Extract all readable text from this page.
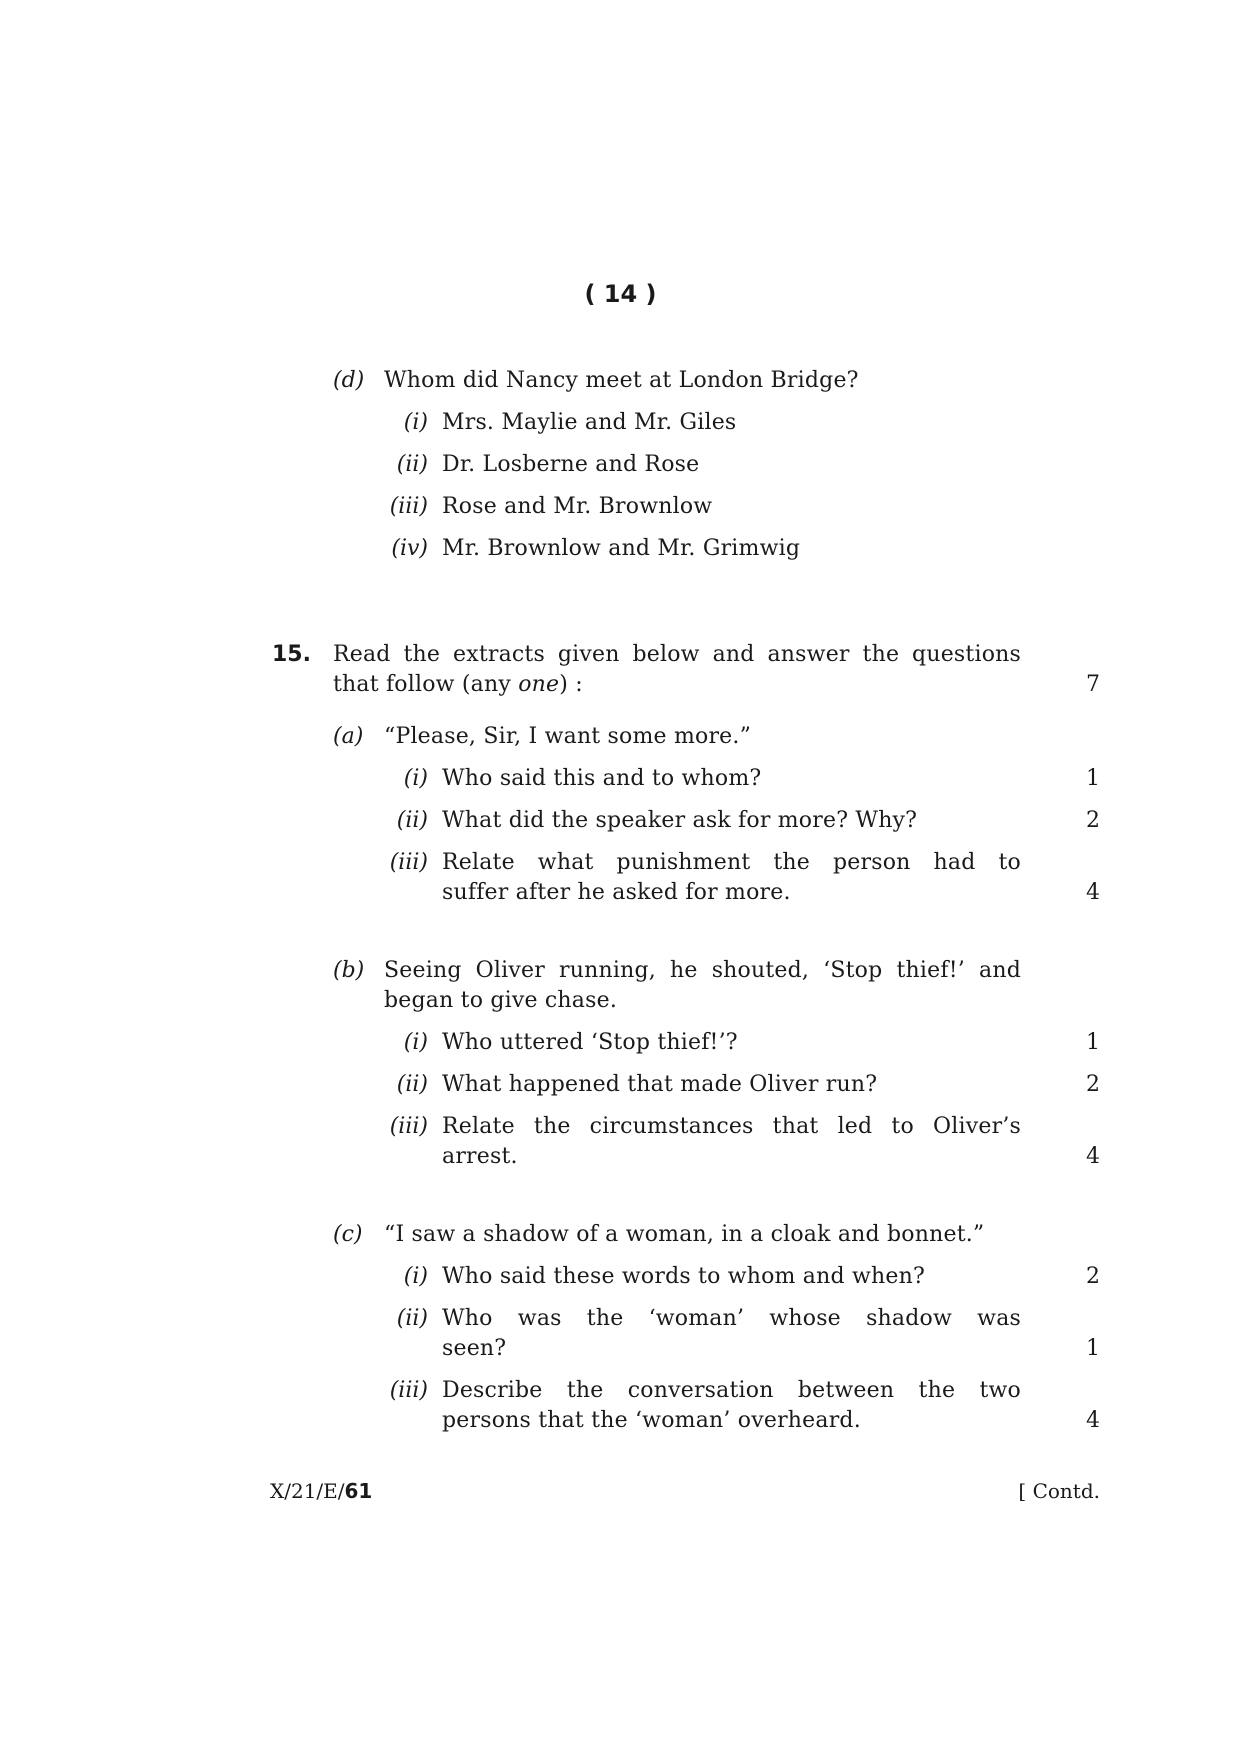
( 14 )
(d) Whom did Nancy meet at London Bridge?
(i) Mrs. Maylie and Mr. Giles
(ii) Dr. Losberne and Rose
(iii) Rose and Mr. Brownlow
(iv) Mr. Brownlow and Mr. Grimwig
15. Read the extracts given below and answer the questions
that follow (any one) :	7
(a) “Please, Sir, I want some more.”
(i) Who said this and to whom?	1
(ii) What did the speaker ask for more? Why?	2
(iii) Relate what punishment the person had to
suffer after he asked for more.	4
(b) Seeing Oliver running, he shouted, ‘Stop thief!’ and
began to give chase.
(i) Who uttered ‘Stop thief!’?	1
(ii) What happened that made Oliver run?	2
(iii) Relate the circumstances that led to Oliver’s
arrest.	4
(c) “I saw a shadow of a woman, in a cloak and bonnet.”
(i) Who said these words to whom and when?	2
(ii) Who was the ‘woman’ whose shadow was
seen?	1
(iii) Describe the conversation between the two
persons that the ‘woman’ overheard.	4
X/21/E/61	[ Contd.
